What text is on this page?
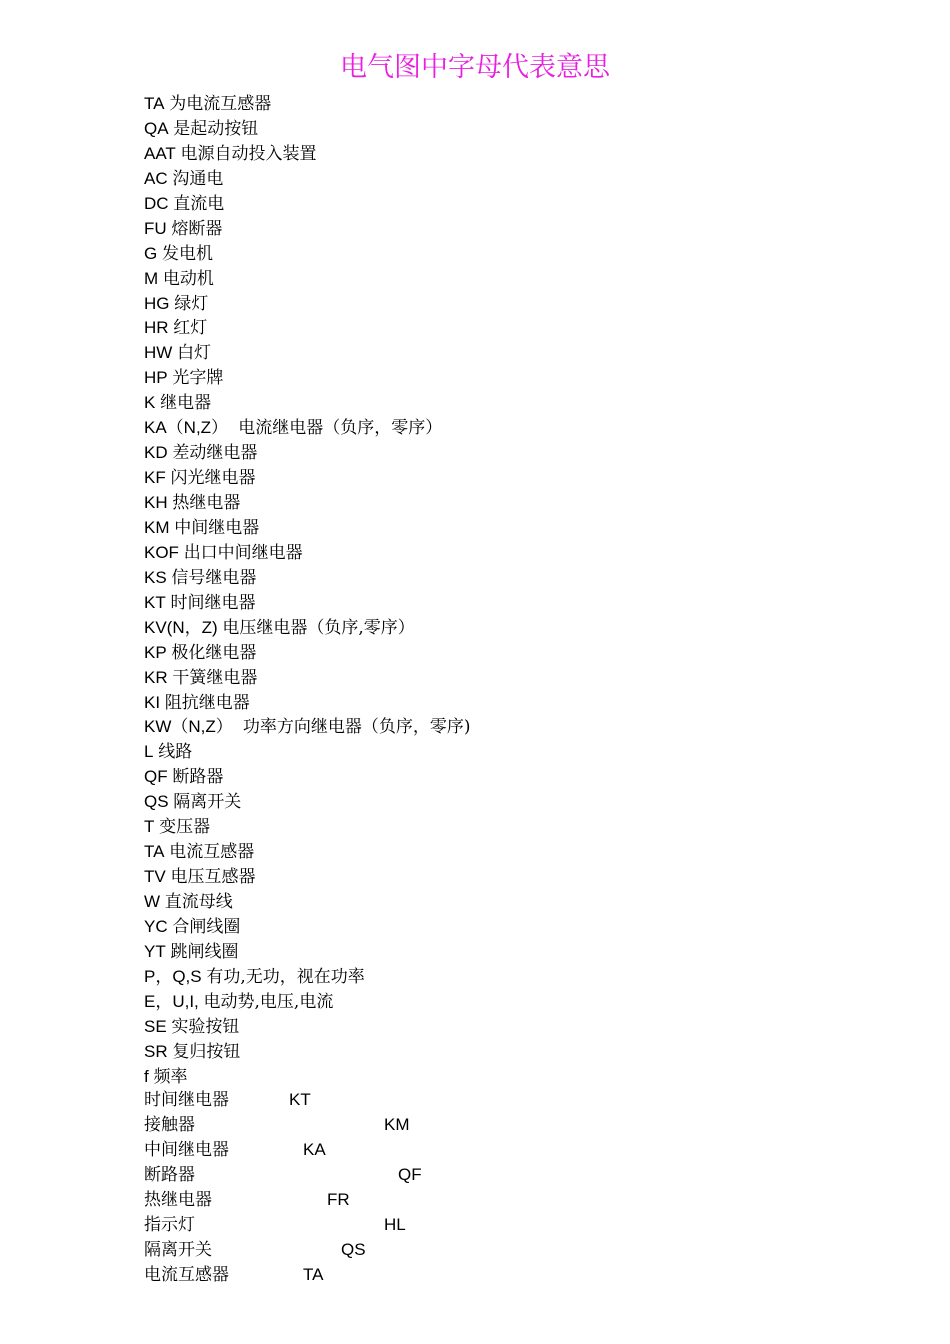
电气图中字母代表意思
TA 为电流互感器
QA 是起动按钮
AAT 电源自动投入装置
AC 沟通电
DC 直流电
FU 熔断器
G 发电机
M 电动机
HG 绿灯
HR 红灯
HW 白灯
HP 光字牌
K 继电器
KA（N,Z）  电流继电器（负序，零序）
KD 差动继电器
KF 闪光继电器
KH 热继电器
KM 中间继电器
KOF 出口中间继电器
KS 信号继电器
KT 时间继电器
KV(N，Z) 电压继电器（负序,零序）
KP 极化继电器
KR 干簧继电器
KI 阻抗继电器
KW（N,Z）  功率方向继电器（负序，零序)
L 线路
QF 断路器
QS 隔离开关
T 变压器
TA 电流互感器
TV 电压互感器
W 直流母线
YC 合闸线圈
YT 跳闸线圈
P，Q,S 有功,无功，视在功率
E，U,I, 电动势,电压,电流
SE 实验按钮
SR 复归按钮
f 频率
时间继电器	KT
接触器	KM
中间继电器	KA
断路器	QF
热继电器	FR
指示灯	HL
隔离开关	QS
电流互感器	TA
